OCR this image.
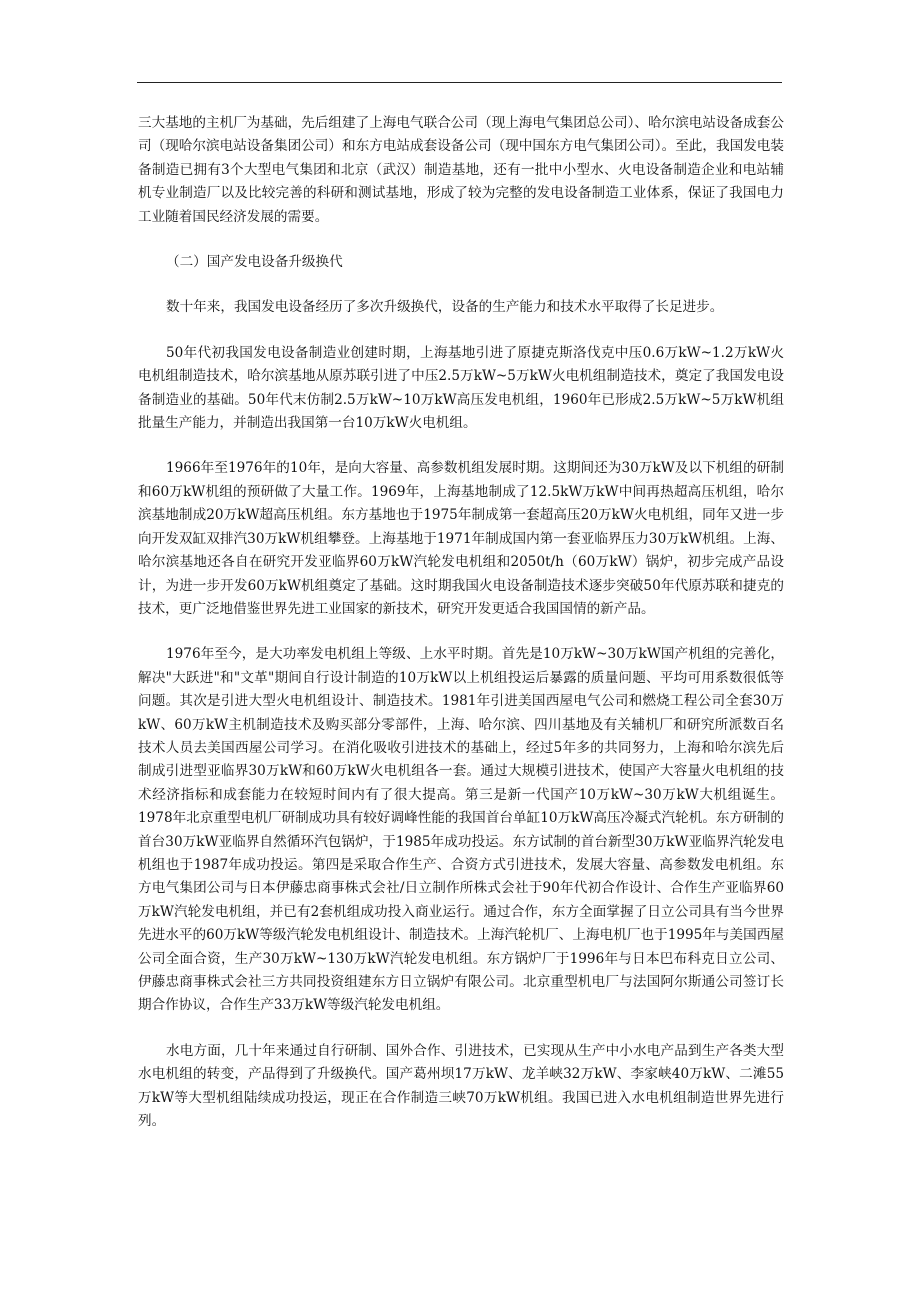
三大基地的主机厂为基础，先后组建了上海电气联合公司（现上海电气集团总公司）、哈尔滨电站设备成套公司（现哈尔滨电站设备集团公司）和东方电站成套设备公司（现中国东方电气集团公司）。至此，我国发电装备制造已拥有3个大型电气集团和北京（武汉）制造基地，还有一批中小型水、火电设备制造企业和电站辅机专业制造厂以及比较完善的科研和测试基地，形成了较为完整的发电设备制造工业体系，保证了我国电力工业随着国民经济发展的需要。

（二）国产发电设备升级换代

数十年来，我国发电设备经历了多次升级换代，设备的生产能力和技术水平取得了长足进步。

50年代初我国发电设备制造业创建时期，上海基地引进了原捷克斯洛伐克中压0.6万kW~1.2万kW火电机组制造技术，哈尔滨基地从原苏联引进了中压2.5万kW~5万kW火电机组制造技术，奠定了我国发电设备制造业的基础。50年代末仿制2.5万kW~10万kW高压发电机组，1960年已形成2.5万kW~5万kW机组批量生产能力，并制造出我国第一台10万kW火电机组。

1966年至1976年的10年，是向大容量、高参数机组发展时期。这期间还为30万kW及以下机组的研制和60万kW机组的预研做了大量工作。1969年，上海基地制成了12.5kW万kW中间再热超高压机组，哈尔滨基地制成20万kW超高压机组。东方基地也于1975年制成第一套超高压20万kW火电机组，同年又进一步向开发双缸双排汽30万kW机组攀登。上海基地于1971年制成国内第一套亚临界压力30万kW机组。上海、哈尔滨基地还各自在研究开发亚临界60万kW汽轮发电机组和2050t/h（60万kW）锅炉，初步完成产品设计，为进一步开发60万kW机组奠定了基础。这时期我国火电设备制造技术逐步突破50年代原苏联和捷克的技术，更广泛地借鉴世界先进工业国家的新技术，研究开发更适合我国国情的新产品。

1976年至今，是大功率发电机组上等级、上水平时期。首先是10万kW~30万kW国产机组的完善化，解决"大跃进"和"文革"期间自行设计制造的10万kW以上机组投运后暴露的质量问题、平均可用系数很低等问题。其次是引进大型火电机组设计、制造技术。1981年引进美国西屋电气公司和燃烧工程公司全套30万kW、60万kW主机制造技术及购买部分零部件，上海、哈尔滨、四川基地及有关辅机厂和研究所派数百名技术人员去美国西屋公司学习。在消化吸收引进技术的基础上，经过5年多的共同努力，上海和哈尔滨先后制成引进型亚临界30万kW和60万kW火电机组各一套。通过大规模引进技术，使国产大容量火电机组的技术经济指标和成套能力在较短时间内有了很大提高。第三是新一代国产10万kW~30万kW大机组诞生。1978年北京重型电机厂研制成功具有较好调峰性能的我国首台单缸10万kW高压冷凝式汽轮机。东方研制的首台30万kW亚临界自然循环汽包锅炉，于1985年成功投运。东方试制的首台新型30万kW亚临界汽轮发电机组也于1987年成功投运。第四是采取合作生产、合资方式引进技术，发展大容量、高参数发电机组。东方电气集团公司与日本伊藤忠商事株式会社/日立制作所株式会社于90年代初合作设计、合作生产亚临界60万kW汽轮发电机组，并已有2套机组成功投入商业运行。通过合作，东方全面掌握了日立公司具有当今世界先进水平的60万kW等级汽轮发电机组设计、制造技术。上海汽轮机厂、上海电机厂也于1995年与美国西屋公司全面合资，生产30万kW~130万kW汽轮发电机组。东方锅炉厂于1996年与日本巴布科克日立公司、伊藤忠商事株式会社三方共同投资组建东方日立锅炉有限公司。北京重型机电厂与法国阿尔斯通公司签订长期合作协议，合作生产33万kW等级汽轮发电机组。

水电方面，几十年来通过自行研制、国外合作、引进技术，已实现从生产中小水电产品到生产各类大型水电机组的转变，产品得到了升级换代。国产葛州坝17万kW、龙羊峡32万kW、李家峡40万kW、二滩55万kW等大型机组陆续成功投运，现正在合作制造三峡70万kW机组。我国已进入水电机组制造世界先进行列。
